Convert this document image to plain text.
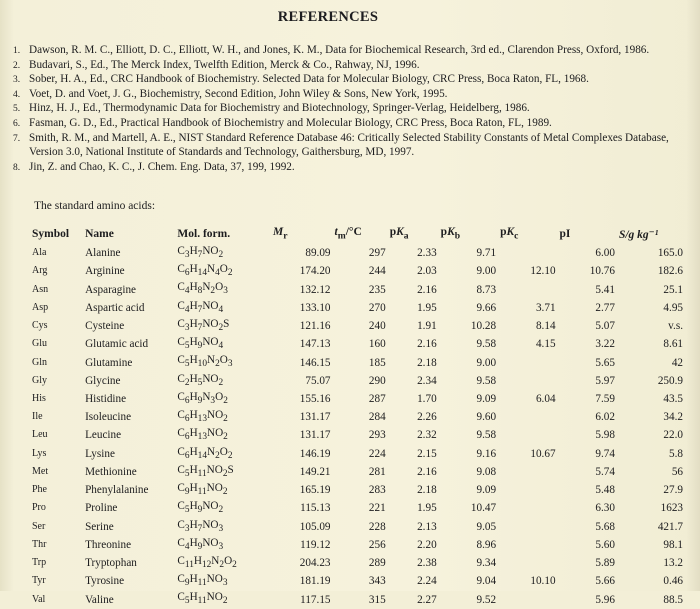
REFERENCES
1. Dawson, R. M. C., Elliott, D. C., Elliott, W. H., and Jones, K. M., Data for Biochemical Research, 3rd ed., Clarendon Press, Oxford, 1986.
2. Budavari, S., Ed., The Merck Index, Twelfth Edition, Merck & Co., Rahway, NJ, 1996.
3. Sober, H. A., Ed., CRC Handbook of Biochemistry. Selected Data for Molecular Biology, CRC Press, Boca Raton, FL, 1968.
4. Voet, D. and Voet, J. G., Biochemistry, Second Edition, John Wiley & Sons, New York, 1995.
5. Hinz, H. J., Ed., Thermodynamic Data for Biochemistry and Biotechnology, Springer-Verlag, Heidelberg, 1986.
6. Fasman, G. D., Ed., Practical Handbook of Biochemistry and Molecular Biology, CRC Press, Boca Raton, FL, 1989.
7. Smith, R. M., and Martell, A. E., NIST Standard Reference Database 46: Critically Selected Stability Constants of Metal Complexes Database, Version 3.0, National Institute of Standards and Technology, Gaithersburg, MD, 1997.
8. Jin, Z. and Chao, K. C., J. Chem. Eng. Data, 37, 199, 1992.
The standard amino acids:
Symbol	Name	Mol. form.	$M_r$	$t_m/^\circ C$	$pK_a$	$pK_b$	$pK_c$	pI	S/g kg⁻¹
Ala	Alanine	$C_3H_7NO_2$	89.09	297	2.33	9.71		6.00	165.0
Arg	Arginine	$C_6H_{14}N_4O_2$	174.20	244	2.03	9.00	12.10	10.76	182.6
Asn	Asparagine	$C_4H_8N_2O_3$	132.12	235	2.16	8.73		5.41	25.1
Asp	Aspartic acid	$C_4H_7NO_4$	133.10	270	1.95	9.66	3.71	2.77	4.95
Cys	Cysteine	$C_3H_7NO_2S$	121.16	240	1.91	10.28	8.14	5.07	v.s.
Glu	Glutamic acid	$C_5H_9NO_4$	147.13	160	2.16	9.58	4.15	3.22	8.61
Gln	Glutamine	$C_5H_{10}N_2O_3$	146.15	185	2.18	9.00		5.65	42
Gly	Glycine	$C_2H_5NO_2$	75.07	290	2.34	9.58		5.97	250.9
His	Histidine	$C_6H_9N_3O_2$	155.16	287	1.70	9.09	6.04	7.59	43.5
Ile	Isoleucine	$C_6H_{13}NO_2$	131.17	284	2.26	9.60		6.02	34.2
Leu	Leucine	$C_6H_{13}NO_2$	131.17	293	2.32	9.58		5.98	22.0
Lys	Lysine	$C_6H_{14}N_2O_2$	146.19	224	2.15	9.16	10.67	9.74	5.8
Met	Methionine	$C_5H_{11}NO_2S$	149.21	281	2.16	9.08		5.74	56
Phe	Phenylalanine	$C_9H_{11}NO_2$	165.19	283	2.18	9.09		5.48	27.9
Pro	Proline	$C_5H_9NO_2$	115.13	221	1.95	10.47		6.30	1623
Ser	Serine	$C_3H_7NO_3$	105.09	228	2.13	9.05		5.68	421.7
Thr	Threonine	$C_4H_9NO_3$	119.12	256	2.20	8.96		5.60	98.1
Trp	Tryptophan	$C_{11}H_{12}N_2O_2$	204.23	289	2.38	9.34		5.89	13.2
Tyr	Tyrosine	$C_9H_{11}NO_3$	181.19	343	2.24	9.04	10.10	5.66	0.46
Val	Valine	$C_5H_{11}NO_2$	117.15	315	2.27	9.52		5.96	88.5
